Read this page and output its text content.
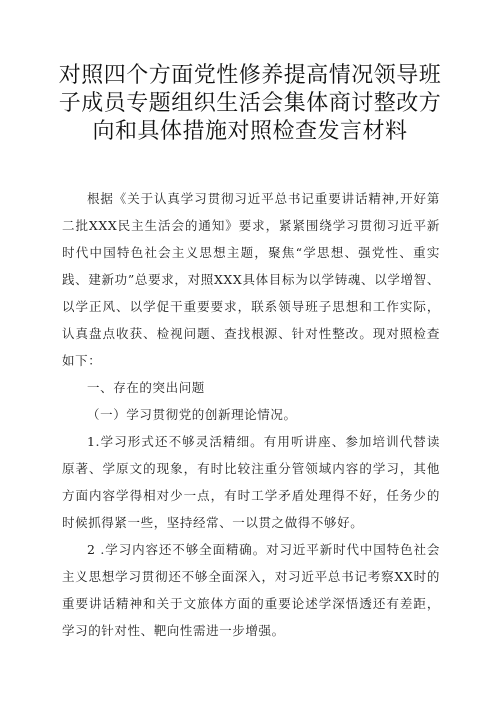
对照四个方面党性修养提高情况领导班
子成员专题组织生活会集体商讨整改方
向和具体措施对照检查发言材料

根据《关于认真学习贯彻习近平总书记重要讲话精神,开好第二批XXX民主生活会的通知》要求，紧紧围绕学习贯彻习近平新时代中国特色社会主义思想主题，聚焦“学思想、强党性、重实践、建新功”总要求，对照XXX具体目标为以学铸魂、以学增智、以学正风、以学促干重要要求，联系领导班子思想和工作实际，认真盘点收获、检视问题、查找根源、针对性整改。现对照检查如下：

一、存在的突出问题

（一）学习贯彻党的创新理论情况。

1.学习形式还不够灵活精细。有用听讲座、参加培训代替读原著、学原文的现象，有时比较注重分管领域内容的学习，其他方面内容学得相对少一点，有时工学矛盾处理得不好，任务少的时候抓得紧一些，坚持经常、一以贯之做得不够好。

2 .学习内容还不够全面精确。对习近平新时代中国特色社会主义思想学习贯彻还不够全面深入，对习近平总书记考察XX时的重要讲话精神和关于文旅体方面的重要论述学深悟透还有差距，学习的针对性、靶向性需进一步增强。
